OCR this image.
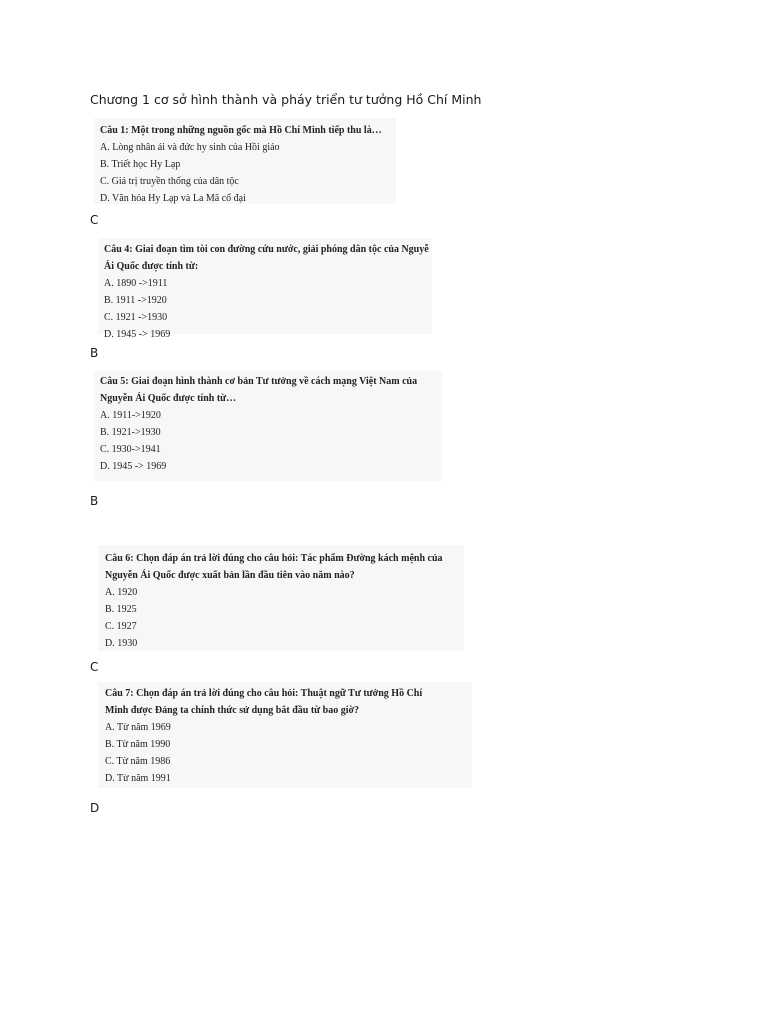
Chương 1 cơ sở hình thành và pháy triển tư tưởng Hồ Chí Minh
Câu 1: Một trong những nguồn gốc mà Hồ Chí Minh tiếp thu là…
A. Lòng nhân ái và đức hy sinh của Hồi giáo
B. Triết học Hy Lạp
C. Giá trị truyền thống của dân tộc
D. Văn hóa Hy Lạp và La Mã cổ đại
C
Câu 4: Giai đoạn tìm tòi con đường cứu nước, giải phóng dân tộc của Nguyễ
Ái Quốc được tính từ:
A. 1890 ->1911
B. 1911 ->1920
C. 1921 ->1930
D. 1945 -> 1969
B
Câu 5: Giai đoạn hình thành cơ bản Tư tưởng về cách mạng Việt Nam của
Nguyễn Ái Quốc được tính từ…
A. 1911->1920
B. 1921->1930
C. 1930->1941
D. 1945 -> 1969
B
Câu 6: Chọn đáp án trả lời đúng cho câu hỏi: Tác phẩm Đường kách mệnh của
Nguyễn Ái Quốc được xuất bản lần đầu tiên vào năm nào?
A. 1920
B. 1925
C. 1927
D. 1930
C
Câu 7: Chọn đáp án trả lời đúng cho câu hỏi: Thuật ngữ Tư tưởng Hồ Chí
Minh được Đảng ta chính thức sử dụng bắt đầu từ bao giờ?
A. Từ năm 1969
B. Từ năm 1990
C. Từ năm 1986
D. Từ năm 1991
D
